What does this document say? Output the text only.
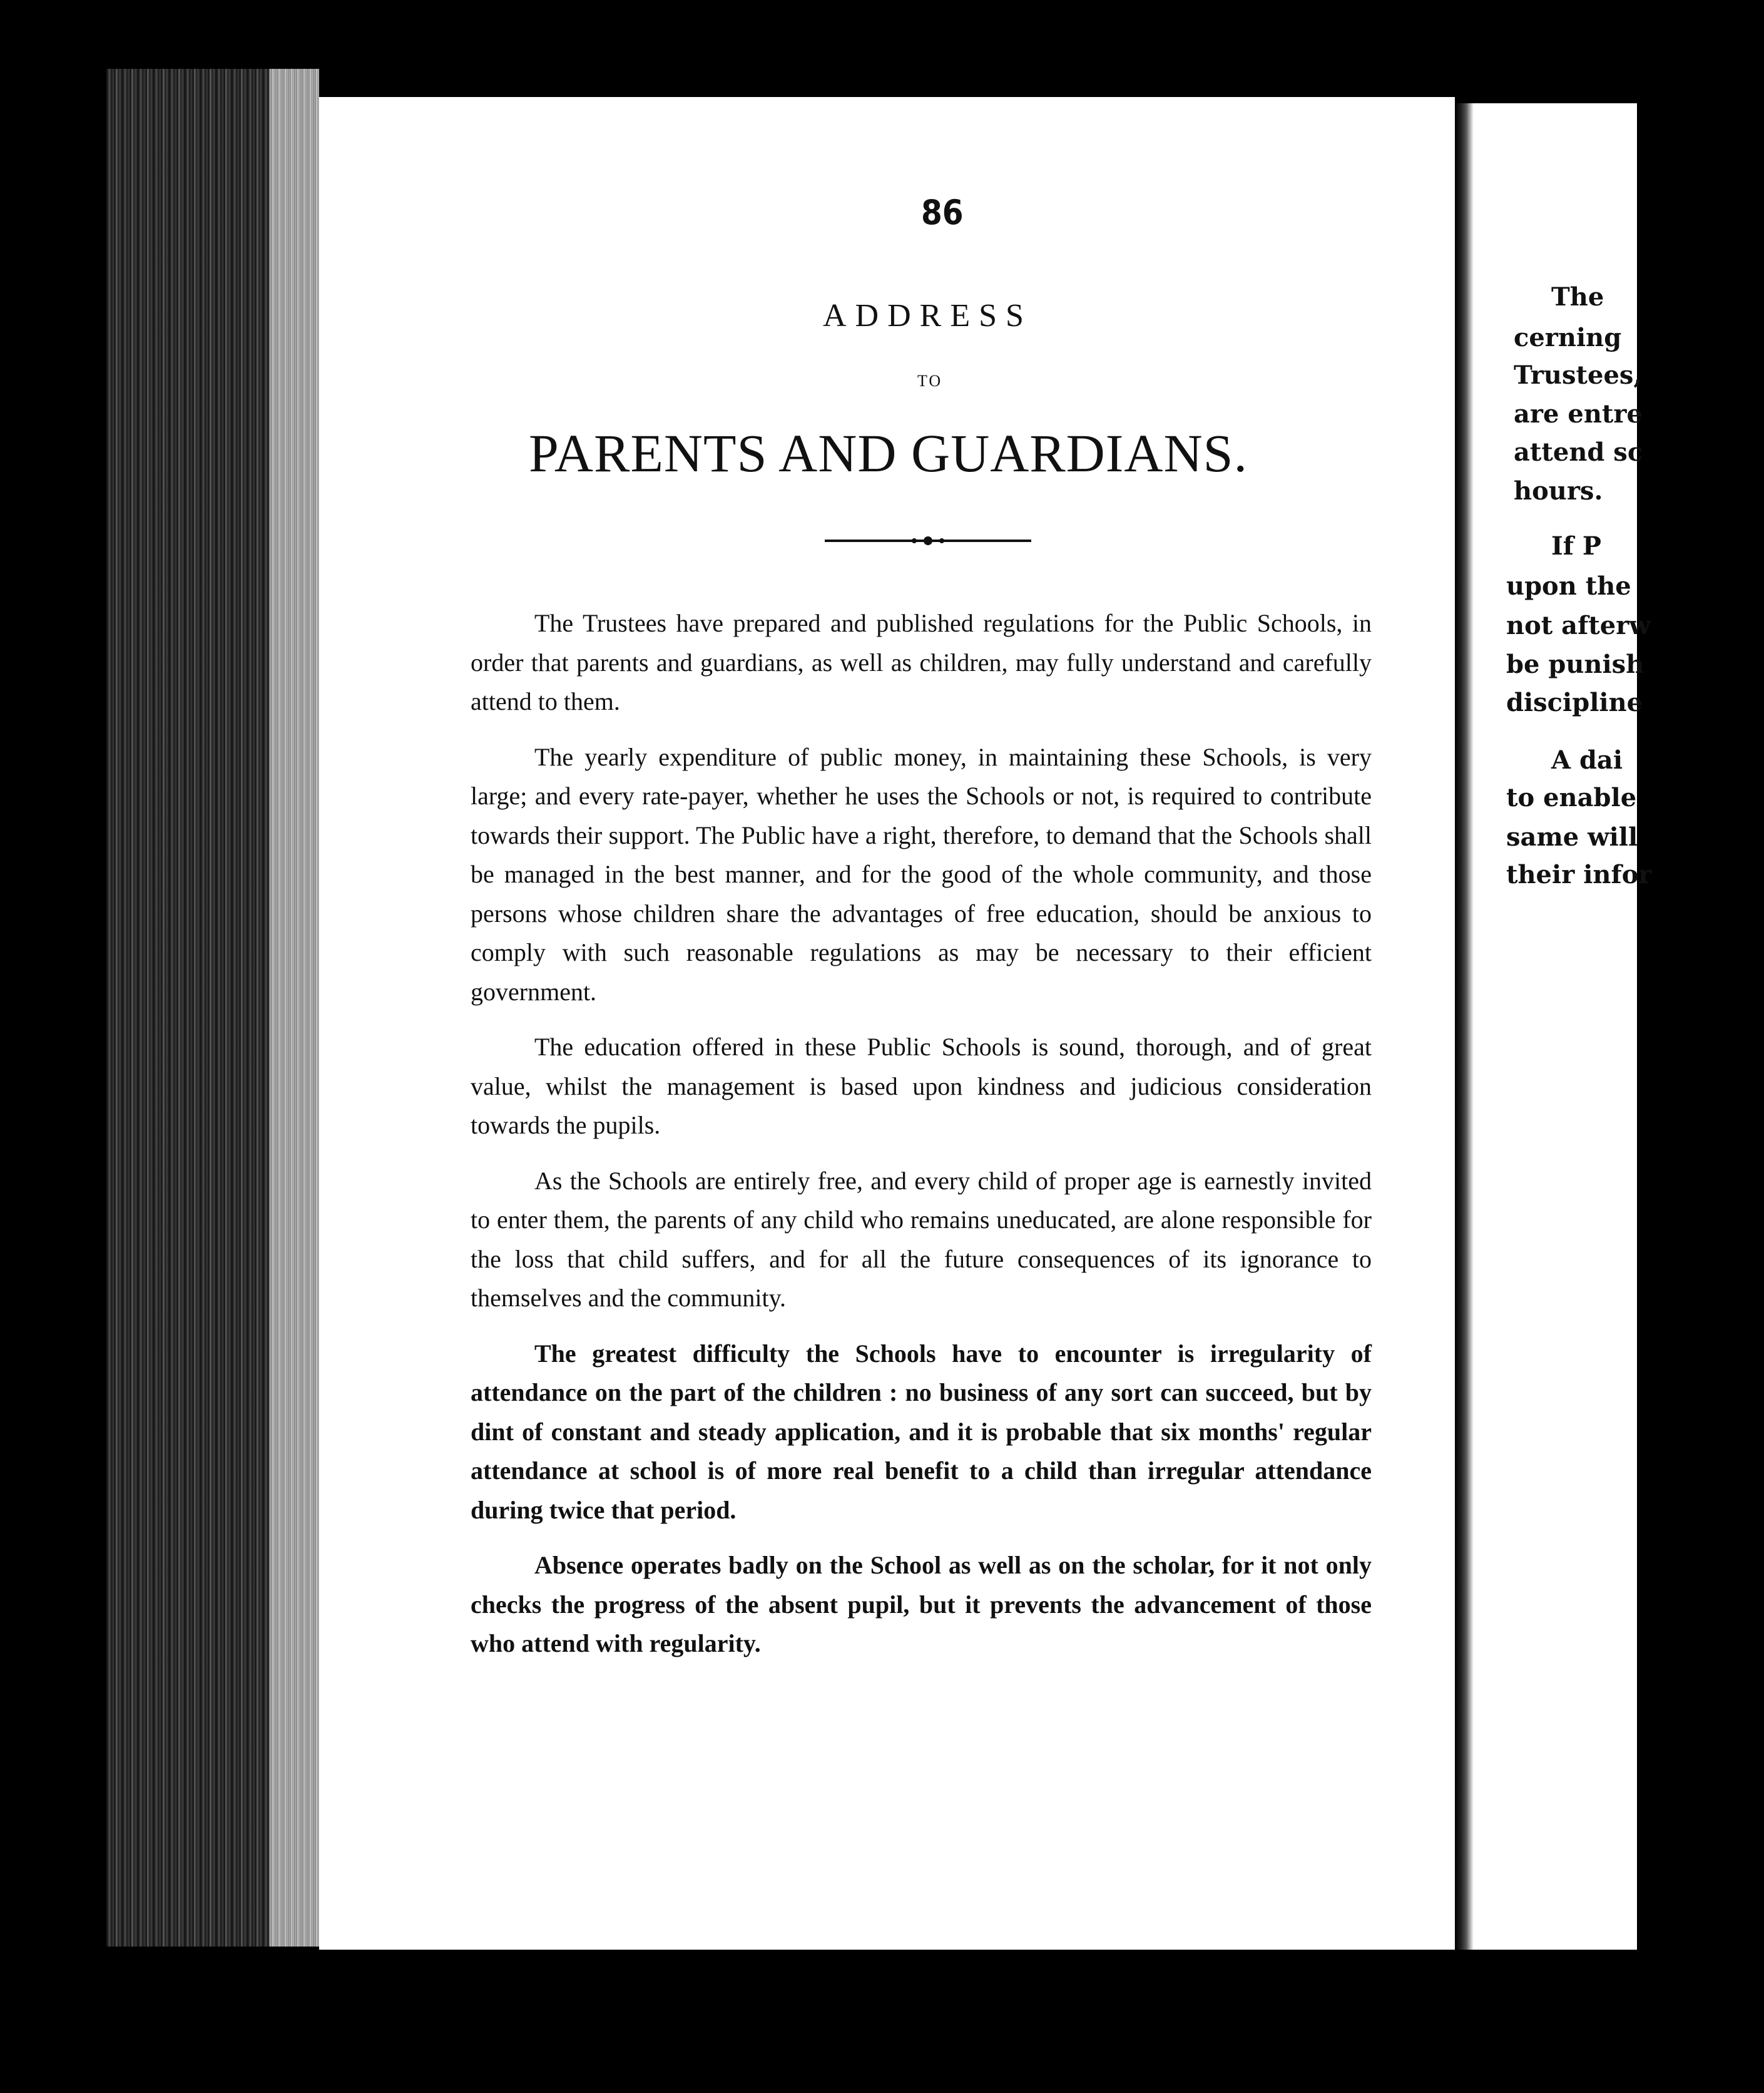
The
cerning
Trustees,
are entre
attend sc
hours.
If P
upon the
not afterw
be punish
discipline
A dai
to enable
same will
their infor
86
ADDRESS
TO
PARENTS AND GUARDIANS.

The Trustees have prepared and published regulations for the Public Schools, in order that parents and guardians, as well as children, may fully understand and carefully attend to them.

The yearly expenditure of public money, in maintaining these Schools, is very large; and every rate-payer, whether he uses the Schools or not, is required to contribute towards their support. The Public have a right, therefore, to demand that the Schools shall be managed in the best manner, and for the good of the whole community, and those persons whose children share the advantages of free education, should be anxious to comply with such reasonable regulations as may be necessary to their efficient government.

The education offered in these Public Schools is sound, thorough, and of great value, whilst the management is based upon kindness and judicious consideration towards the pupils.

As the Schools are entirely free, and every child of proper age is earnestly invited to enter them, the parents of any child who remains uneducated, are alone responsible for the loss that child suffers, and for all the future consequences of its ignorance to themselves and the community.

The greatest difficulty the Schools have to encounter is irregularity of attendance on the part of the children : no business of any sort can succeed, but by dint of constant and steady application, and it is probable that six months' regular attendance at school is of more real benefit to a child than irregular attendance during twice that period.

Absence operates badly on the School as well as on the scholar, for it not only checks the progress of the absent pupil, but it prevents the advancement of those who attend with regularity.
